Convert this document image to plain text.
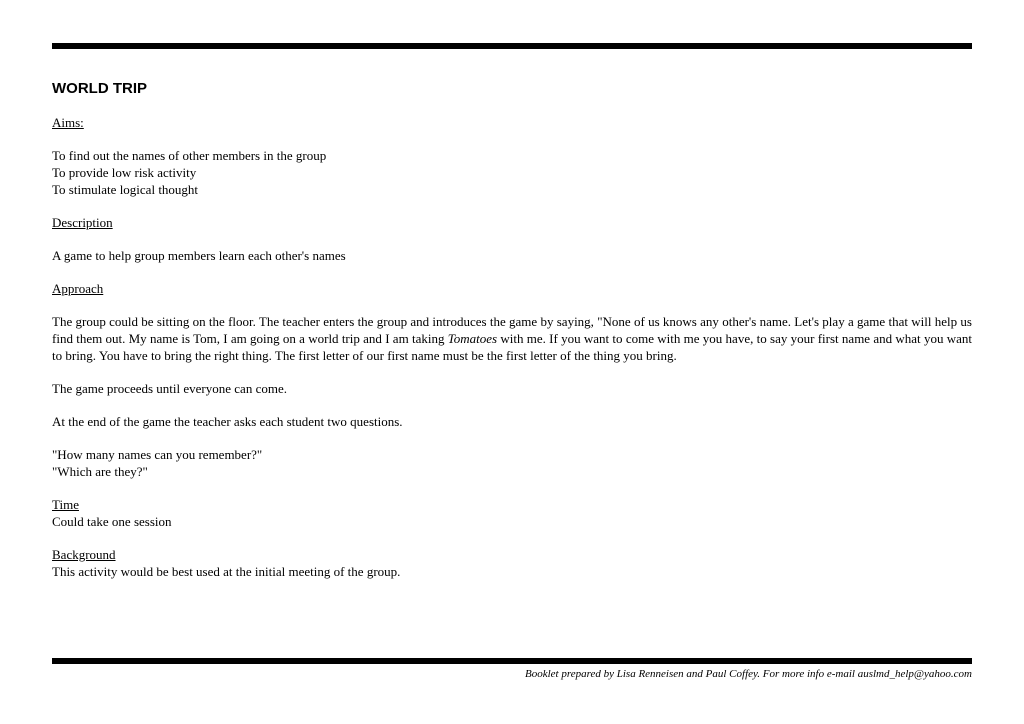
WORLD TRIP

Aims:

To find out the names of other members in the group

To provide low risk activity

To stimulate logical thought

Description

A game to help group members learn each other's names

Approach

The group could be sitting on the floor. The teacher enters the group and introduces the game by saying, "None of us knows any other's name. Let's play a game that will help us find them out. My name is Tom, I am going on a world trip and I am taking Tomatoes with me. If you want to come with me you have, to say your first name and what you want to bring. You have to bring the right thing. The first letter of our first name must be the first letter of the thing you bring.

The game proceeds until everyone can come.

At the end of the game the teacher asks each student two questions.

"How many names can you remember?"

"Which are they?"

Time

Could take one session

Background

This activity would be best used at the initial meeting of the group.

Booklet prepared by Lisa Renneisen and Paul Coffey. For more info e-mail auslmd_help@yahoo.com
